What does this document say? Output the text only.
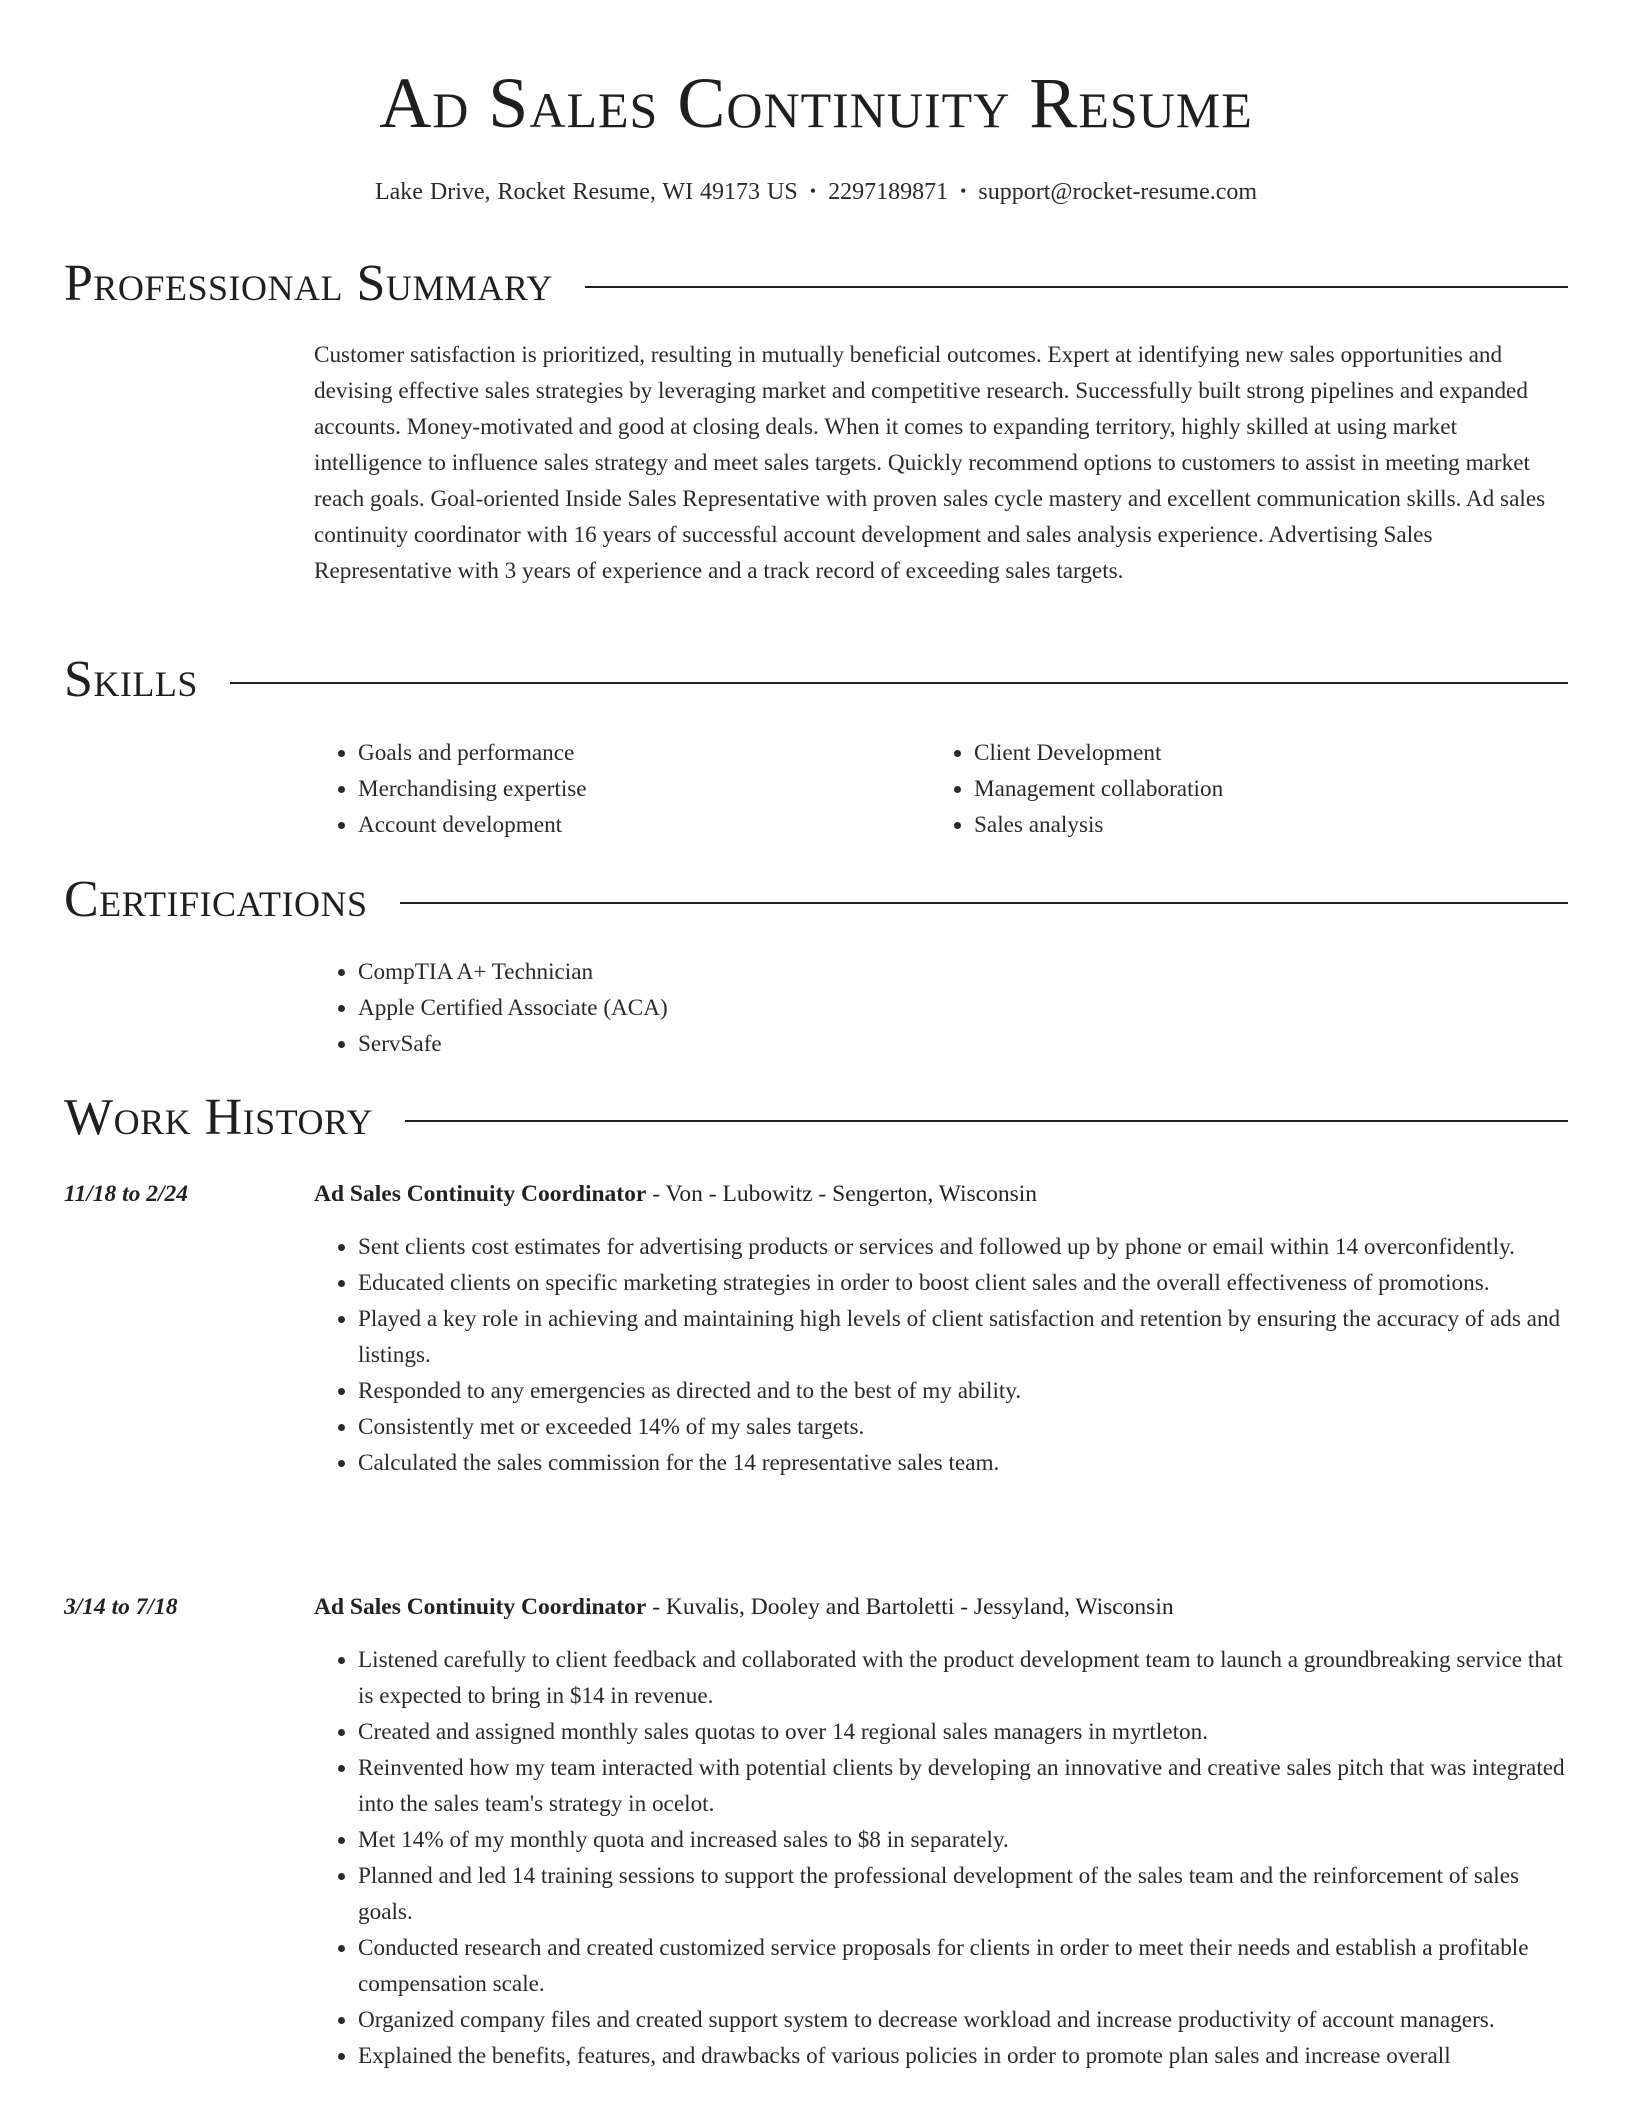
Ad Sales Continuity Resume
Lake Drive, Rocket Resume, WI 49173 US • 2297189871 • support@rocket-resume.com
Professional Summary

Customer satisfaction is prioritized, resulting in mutually beneficial outcomes. Expert at identifying new sales opportunities and devising effective sales strategies by leveraging market and competitive research. Successfully built strong pipelines and expanded accounts. Money-motivated and good at closing deals. When it comes to expanding territory, highly skilled at using market intelligence to influence sales strategy and meet sales targets. Quickly recommend options to customers to assist in meeting market reach goals. Goal-oriented Inside Sales Representative with proven sales cycle mastery and excellent communication skills. Ad sales continuity coordinator with 16 years of successful account development and sales analysis experience. Advertising Sales Representative with 3 years of experience and a track record of exceeding sales targets.

Skills
• Goals and performance
• Merchandising expertise
• Account development
• Client Development
• Management collaboration
• Sales analysis
Certifications
• CompTIA A+ Technician
• Apple Certified Associate (ACA)
• ServSafe
Work History
11/18 to 2/24	Ad Sales Continuity Coordinator - Von - Lubowitz - Sengerton, Wisconsin
• Sent clients cost estimates for advertising products or services and followed up by phone or email within 14 overconfidently.
• Educated clients on specific marketing strategies in order to boost client sales and the overall effectiveness of promotions.
• Played a key role in achieving and maintaining high levels of client satisfaction and retention by ensuring the accuracy of ads and listings.
• Responded to any emergencies as directed and to the best of my ability.
• Consistently met or exceeded 14% of my sales targets.
• Calculated the sales commission for the 14 representative sales team.
3/14 to 7/18	Ad Sales Continuity Coordinator - Kuvalis, Dooley and Bartoletti - Jessyland, Wisconsin
• Listened carefully to client feedback and collaborated with the product development team to launch a groundbreaking service that is expected to bring in $14 in revenue.
• Created and assigned monthly sales quotas to over 14 regional sales managers in myrtleton.
• Reinvented how my team interacted with potential clients by developing an innovative and creative sales pitch that was integrated into the sales team's strategy in ocelot.
• Met 14% of my monthly quota and increased sales to $8 in separately.
• Planned and led 14 training sessions to support the professional development of the sales team and the reinforcement of sales goals.
• Conducted research and created customized service proposals for clients in order to meet their needs and establish a profitable compensation scale.
• Organized company files and created support system to decrease workload and increase productivity of account managers.
• Explained the benefits, features, and drawbacks of various policies in order to promote plan sales and increase overall
